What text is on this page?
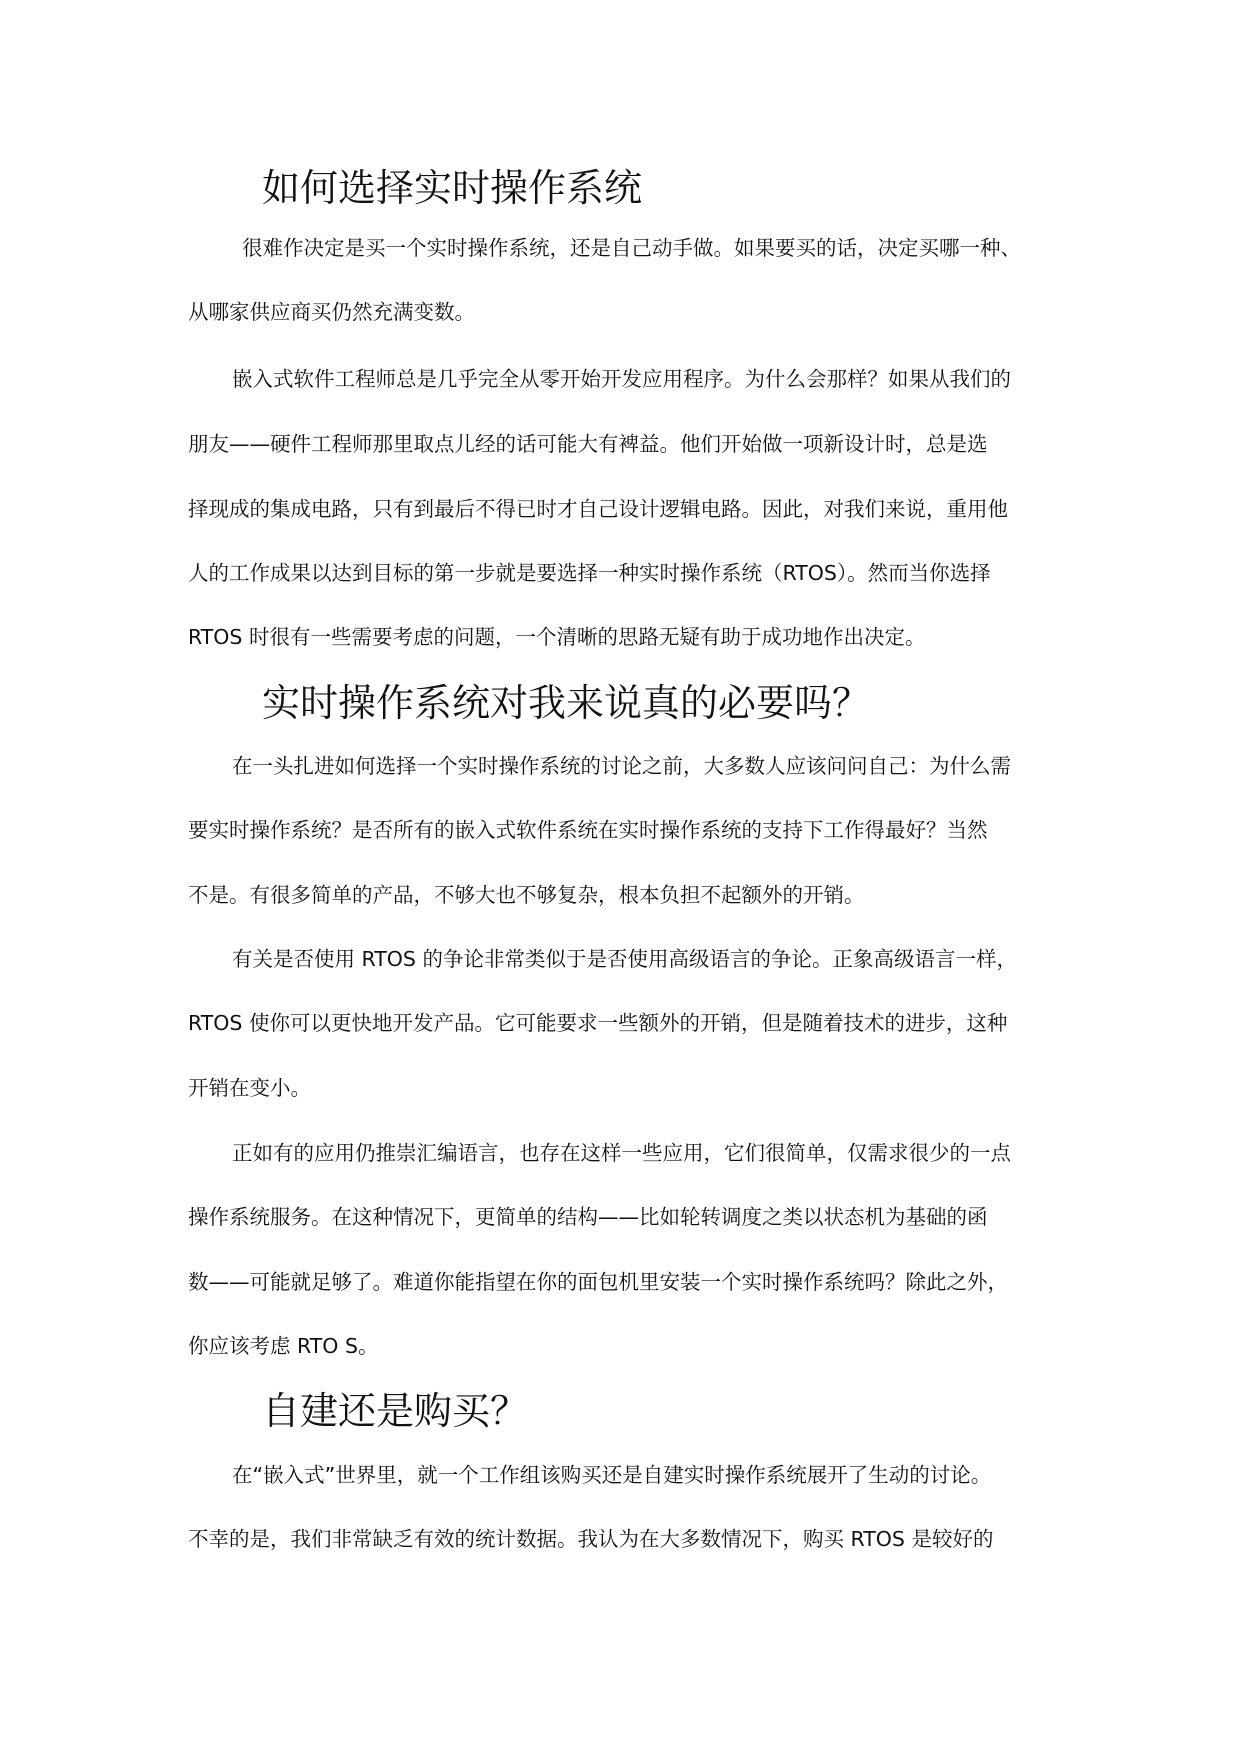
如何选择实时操作系统

很难作决定是买一个实时操作系统，还是自己动手做。如果要买的话，决定买哪一种、

从哪家供应商买仍然充满变数。

嵌入式软件工程师总是几乎完全从零开始开发应用程序。为什么会那样？如果从我们的

朋友——硬件工程师那里取点儿经的话可能大有裨益。他们开始做一项新设计时，总是选

择现成的集成电路，只有到最后不得已时才自己设计逻辑电路。因此，对我们来说，重用他

人的工作成果以达到目标的第一步就是要选择一种实时操作系统（RTOS）。然而当你选择

RTOS 时很有一些需要考虑的问题，一个清晰的思路无疑有助于成功地作出决定。

实时操作系统对我来说真的必要吗？

在一头扎进如何选择一个实时操作系统的讨论之前，大多数人应该问问自己：为什么需

要实时操作系统？是否所有的嵌入式软件系统在实时操作系统的支持下工作得最好？当然

不是。有很多简单的产品，不够大也不够复杂，根本负担不起额外的开销。

有关是否使用 RTOS 的争论非常类似于是否使用高级语言的争论。正象高级语言一样，

RTOS 使你可以更快地开发产品。它可能要求一些额外的开销，但是随着技术的进步，这种

开销在变小。

正如有的应用仍推崇汇编语言，也存在这样一些应用，它们很简单，仅需求很少的一点

操作系统服务。在这种情况下，更简单的结构——比如轮转调度之类以状态机为基础的函

数——可能就足够了。难道你能指望在你的面包机里安装一个实时操作系统吗？除此之外，

你应该考虑 RTO S。

自建还是购买？

在“嵌入式”世界里，就一个工作组该购买还是自建实时操作系统展开了生动的讨论。

不幸的是，我们非常缺乏有效的统计数据。我认为在大多数情况下，购买 RTOS 是较好的
